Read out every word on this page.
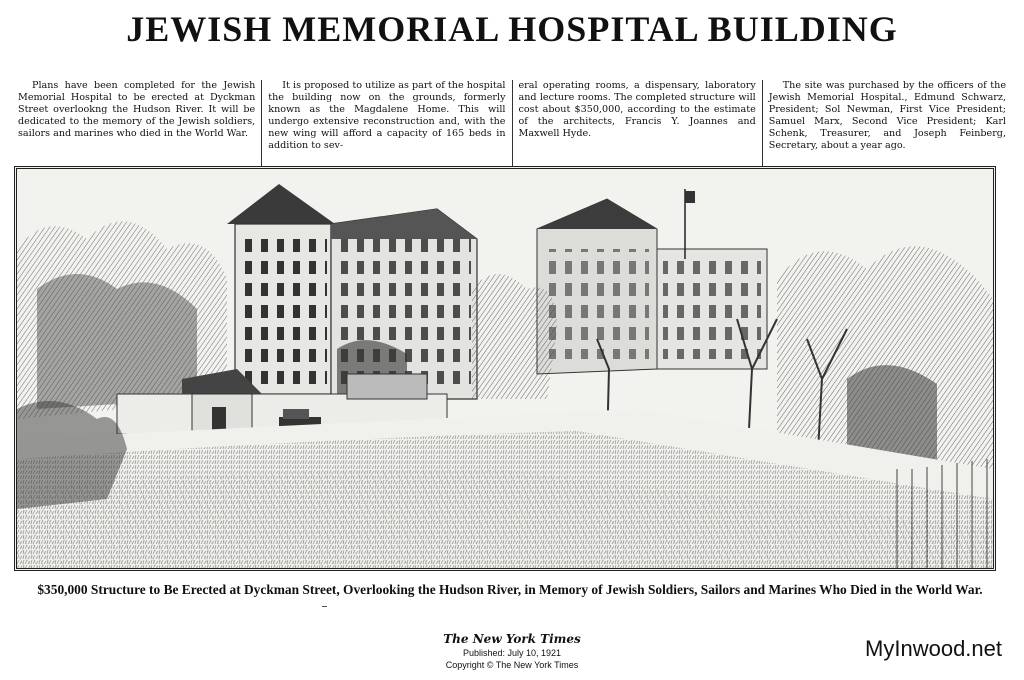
JEWISH MEMORIAL HOSPITAL BUILDING

Plans have been completed for the Jewish Memorial Hospital to be erected at Dyckman Street overlookng the Hudson River. It will be dedicated to the memory of the Jewish soldiers, sailors and marines who died in the World War.

It is proposed to utilize as part of the hospital the building now on the grounds, formerly known as the Magdalene Home. This will undergo extensive reconstruction and, with the new wing will afford a capacity of 165 beds in addition to sev-

eral operating rooms, a dispensary, laboratory and lecture rooms. The completed structure will cost about $350,000, according to the estimate of the architects, Francis Y. Joannes and Maxwell Hyde.

The site was purchased by the officers of the Jewish Memorial Hospital., Edmund Schwarz, President; Sol Newman, First Vice President; Samuel Marx, Second Vice President; Karl Schenk, Treasurer, and Joseph Feinberg, Secretary, about a year ago.

$350,000 Structure to Be Erected at Dyckman Street, Overlooking the Hudson River, in Memory of Jewish Soldiers, Sailors and Marines Who Died in the World War.
The New York Times
Published: July 10, 1921
Copyright © The New York Times
MyInwood.net
